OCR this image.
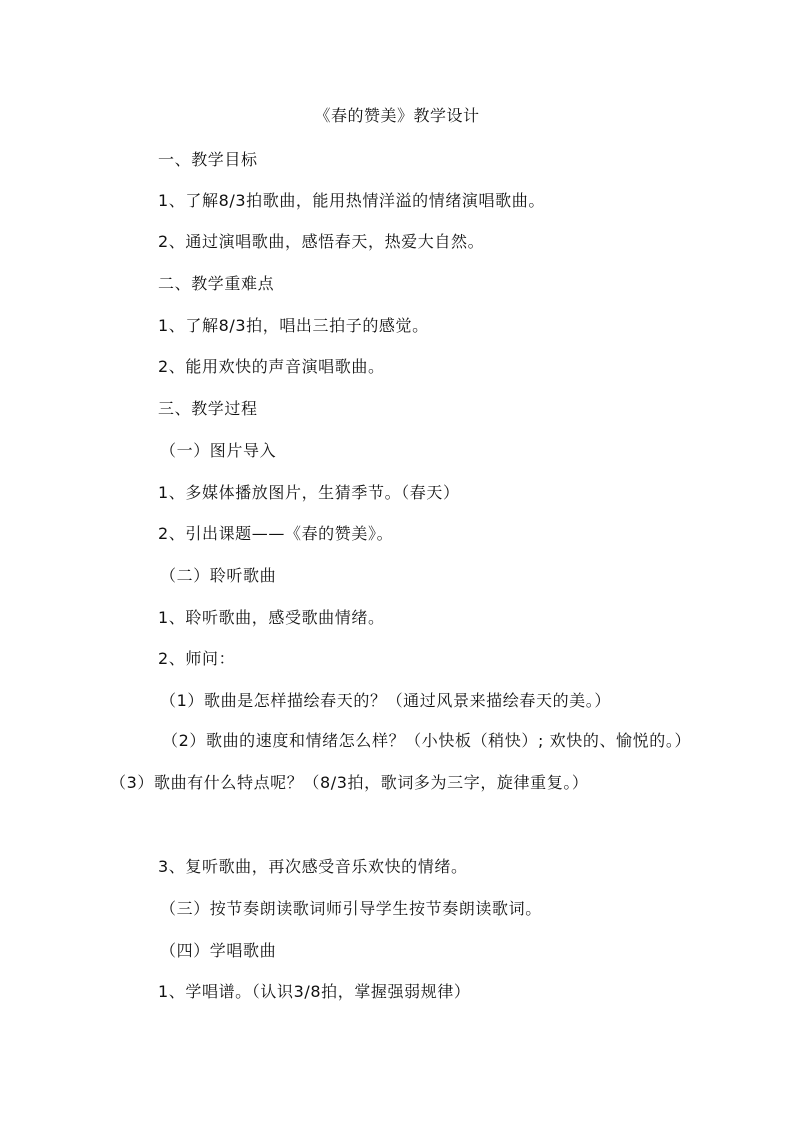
《春的赞美》教学设计
一、教学目标
1、了解8/3拍歌曲，能用热情洋溢的情绪演唱歌曲。
2、通过演唱歌曲，感悟春天，热爱大自然。
二、教学重难点
1、了解8/3拍，唱出三拍子的感觉。
2、能用欢快的声音演唱歌曲。
三、教学过程
（一）图片导入
1、多媒体播放图片，生猜季节。（春天）
2、引出课题——《春的赞美》。
（二）聆听歌曲
1、聆听歌曲，感受歌曲情绪。
2、师问：
（1）歌曲是怎样描绘春天的？（通过风景来描绘春天的美。）
（2）歌曲的速度和情绪怎么样？（小快板（稍快）; 欢快的、愉悦的。）（3）歌曲有什么特点呢？（8/3拍，歌词多为三字，旋律重复。）
3、复听歌曲，再次感受音乐欢快的情绪。
（三）按节奏朗读歌词师引导学生按节奏朗读歌词。
（四）学唱歌曲
1、学唱谱。（认识3/8拍，掌握强弱规律）
